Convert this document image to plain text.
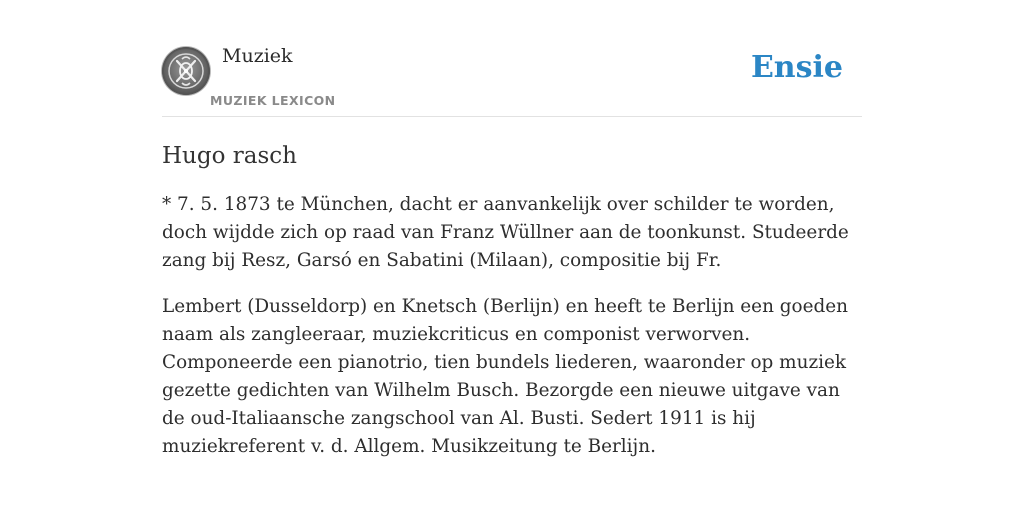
Muziek
MUZIEK LEXICON
Ensie
Hugo rasch

* 7. 5. 1873 te München, dacht er aanvankelijk over schilder te worden, doch wijdde zich op raad van Franz Wüllner aan de toonkunst. Studeerde zang bij Resz, Garsó en Sabatini (Milaan), compositie bij Fr.

Lembert (Dusseldorp) en Knetsch (Berlijn) en heeft te Berlijn een goeden naam als zangleeraar, muziekcriticus en componist verworven. Componeerde een pianotrio, tien bundels liederen, waaronder op muziek gezette gedichten van Wilhelm Busch. Bezorgde een nieuwe uitgave van de oud-Italiaansche zangschool van Al. Busti. Sedert 1911 is hij muziekreferent v. d. Allgem. Musikzeitung te Berlijn.
